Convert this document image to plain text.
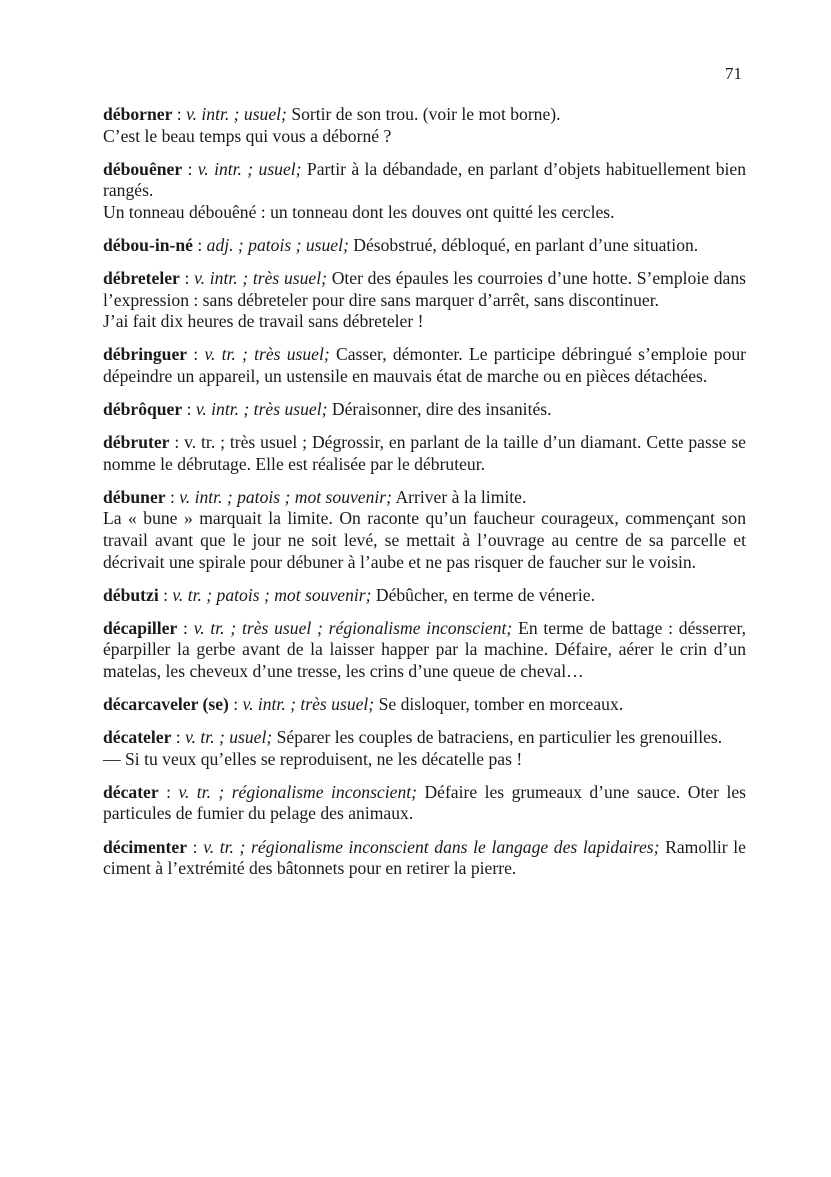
71

déborner : v. intr. ; usuel; Sortir de son trou. (voir le mot borne).

C’est le beau temps qui vous a déborné ?

débouêner : v. intr. ; usuel; Partir à la débandade, en parlant d’objets habituellement bien rangés.

Un tonneau débouêné : un tonneau dont les douves ont quitté les cercles.

débou-in-né : adj. ; patois ; usuel; Désobstrué, débloqué, en parlant d’une situation.

débreteler : v. intr. ; très usuel; Oter des épaules les courroies d’une hotte. S’emploie dans l’expression : sans débreteler pour dire sans marquer d’arrêt, sans discontinuer.

J’ai fait dix heures de travail sans débreteler !

débringuer : v. tr. ; très usuel; Casser, démonter. Le participe débringué s’emploie pour dépeindre un appareil, un ustensile en mauvais état de marche ou en pièces détachées.

débrôquer : v. intr. ; très usuel; Déraisonner, dire des insanités.

débruter : v. tr. ; très usuel ; Dégrossir, en parlant de la taille d’un diamant. Cette passe se nomme le débrutage. Elle est réalisée par le débruteur.

débuner : v. intr. ; patois ; mot souvenir; Arriver à la limite.

La « bune » marquait la limite. On raconte qu’un faucheur courageux, commençant son travail avant que le jour ne soit levé, se mettait à l’ouvrage au centre de sa parcelle et décrivait une spirale pour débuner à l’aube et ne pas risquer de faucher sur le voisin.

débutzi : v. tr. ; patois ; mot souvenir; Débûcher, en terme de vénerie.

décapiller : v. tr. ; très usuel ; régionalisme inconscient; En terme de battage : désserrer, éparpiller la gerbe avant de la laisser happer par la machine. Défaire, aérer le crin d’un matelas, les cheveux d’une tresse, les crins d’une queue de cheval…

décarcaveler (se) : v. intr. ; très usuel; Se disloquer, tomber en morceaux.

décateler : v. tr. ; usuel; Séparer les couples de batraciens, en particulier les grenouilles.

— Si tu veux qu’elles se reproduisent, ne les décatelle pas !

décater : v. tr. ; régionalisme inconscient; Défaire les grumeaux d’une sauce. Oter les particules de fumier du pelage des animaux.

décimenter : v. tr. ; régionalisme inconscient dans le langage des lapidaires; Ramollir le ciment à l’extrémité des bâtonnets pour en retirer la pierre.
